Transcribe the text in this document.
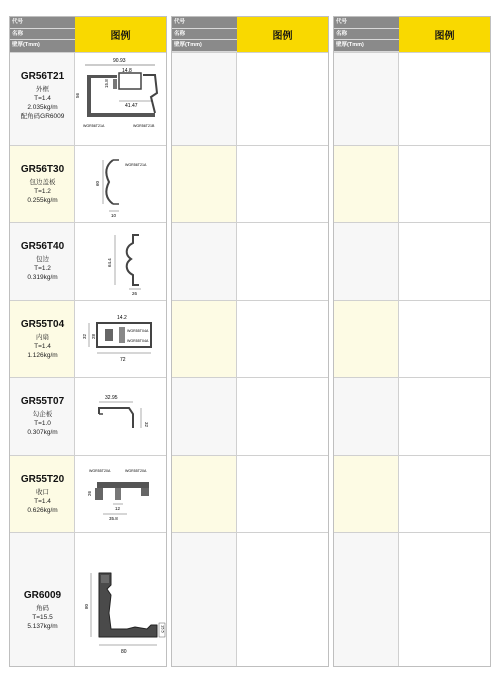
代号
名称
壁厚(Tmm)
图例
GR56T21
外框
T=1.4
2.035kg/m
配角码GR6009
90.93
14.8
41.47
56
15.8
WGR56T21A	WGR56T21B
GR56T30
包边盖板
T=1.2
0.255kg/m
60
10
WGR56T21A
GR56T40
包边
T=1.2
0.319kg/m
64.4
26
GR55T04
内扇
T=1.4
1.126kg/m
14.2
32 28
72
WGR55T04A
WGR55T04A
GR55T07
勾企板
T=1.0
0.307kg/m
32.95
32
GR55T20
收口
T=1.4
0.626kg/m
WGR55T20A	WGR55T20A
26
12
35.8
GR6009
角码
T=15.5
5.137kg/m
80
80
15.5
代号
名称
壁厚(Tmm)
图例
代号
名称
壁厚(Tmm)
图例
